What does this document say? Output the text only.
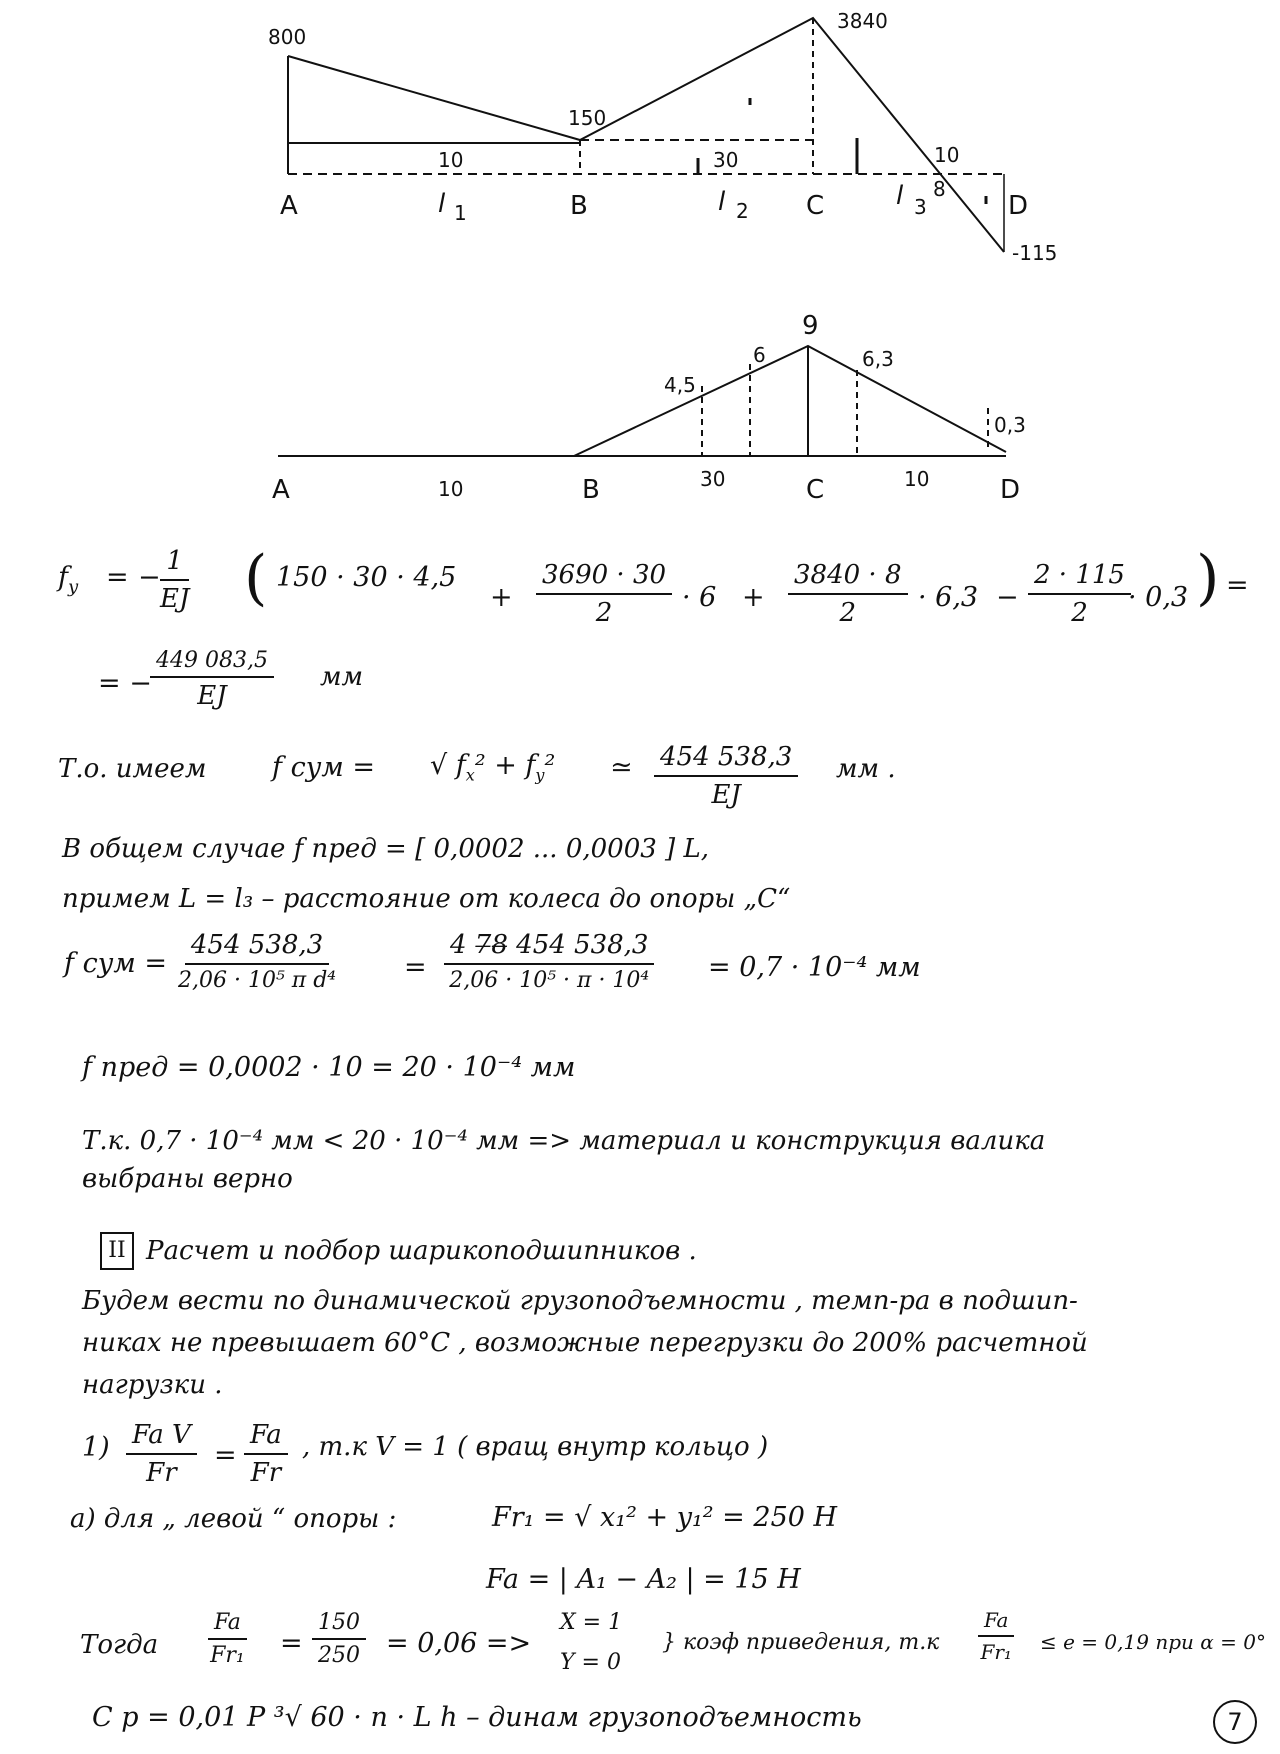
800
150
3840
-115
10	30	10
8
A	B	C	D
l 1	l 2	l 3
4,5
6
9
6,3
0,3
A	B	C	D
10	30	10
$f_y$ = − $\frac{1}{EJ}$ ( 150 · 30 · 4,5
+ $\frac{3690 \cdot 30}{2} \cdot 6 + \frac{3840 \cdot 8}{2} \cdot 6,3 - \frac{2 \cdot 115}{2}$
· 0,3 ) =
= −
449 083,5
EJ
мм
Т.о. имеем f сум = √ $f_x^2 + f_y^2$ ≃ $\frac{454 538,3}{EJ}$ мм .
В общем случае f пред = [ 0,0002 ... 0,0003 ] L,
примем L = l₃ – расстояние от колеса до опоры „C“
f сум =
454 538,3
2,06 · 10⁵ π d⁴	=
4 7̶8̶ 454 538,3
2,06 · 10⁵ · π · 10⁴ = 0,7 · 10⁻⁴ мм
f пред = 0,0002 · 10 = 20 · 10⁻⁴ мм
Т.к. 0,7 · 10⁻⁴ мм < 20 · 10⁻⁴ мм => материал и конструкция валика
выбраны верно
II Расчет и подбор шарикоподшипников .
Будем вести по динамической грузоподъемности , темп-ра в подшип-
никах не превышает 60°C , возможные перегрузки до 200% расчетной
нагрузки .
$1) \frac{\text{Fa V}}{Fr} = \frac{Fa}{Fr}$ , т.к V = 1 ( вращ внутр кольцо )
а) для „ левой “ опоры :	Fr₁ = √ x₁² + y₁² = 250 H
Fa = | A₁ − A₂ | = 15 H
Тогда $\frac{Fa}{\text{Fr₁}} = \frac{150}{250} = 0,06$ =>
X = 1
Y = 0
} коэф приведения, $т.к \frac{Fa}{\text{Fr₁}} \le e = 0,19$ при α = 0°
C p = 0,01 P ³√ 60 · n · L h – динам грузоподъемность	7
